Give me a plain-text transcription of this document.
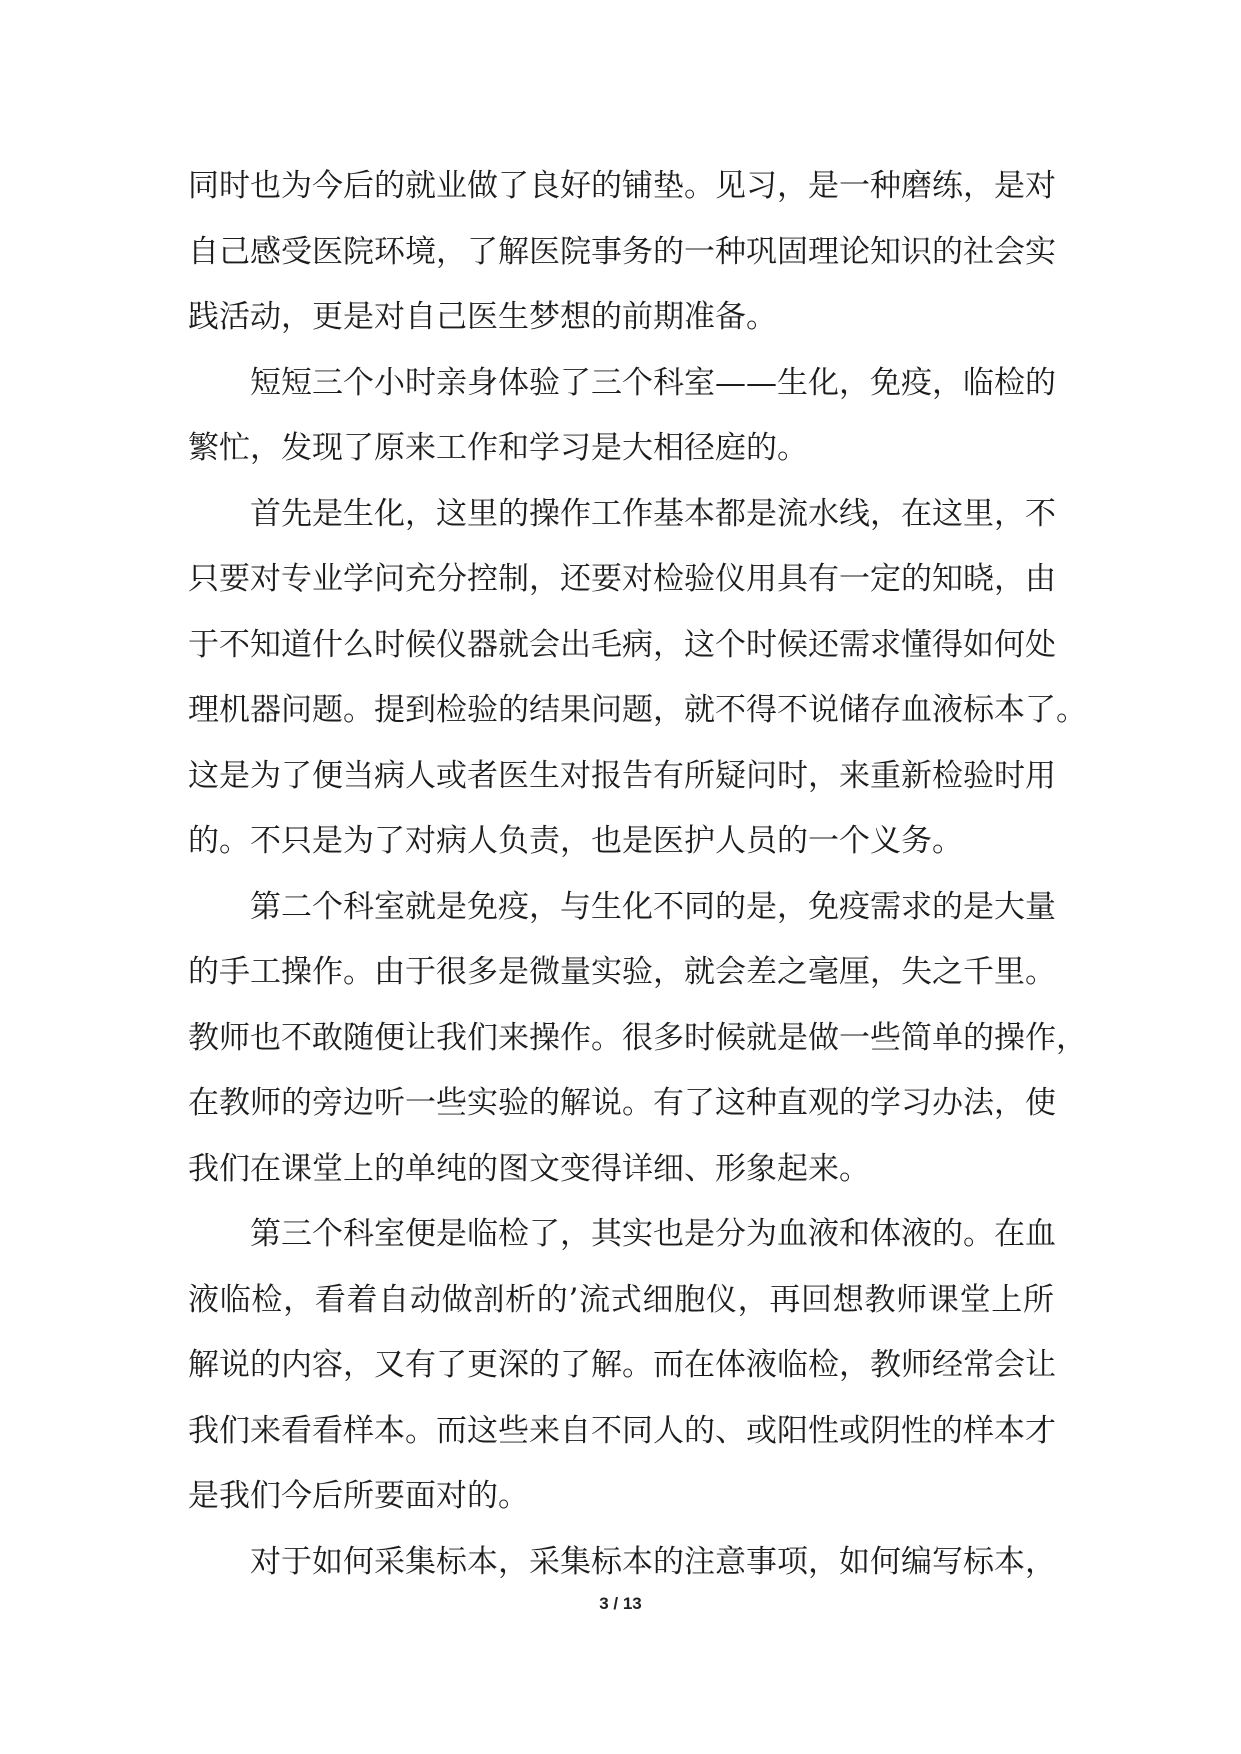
同时也为今后的就业做了良好的铺垫。见习，是一种磨练，是对
自己感受医院环境，了解医院事务的一种巩固理论知识的社会实
践活动，更是对自己医生梦想的前期准备。
短短三个小时亲身体验了三个科室——生化，免疫，临检的
繁忙，发现了原来工作和学习是大相径庭的。
首先是生化，这里的操作工作基本都是流水线，在这里，不
只要对专业学问充分控制，还要对检验仪用具有一定的知晓，由
于不知道什么时候仪器就会出毛病，这个时候还需求懂得如何处
理机器问题。提到检验的结果问题，就不得不说储存血液标本了。
这是为了便当病人或者医生对报告有所疑问时，来重新检验时用
的。不只是为了对病人负责，也是医护人员的一个义务。
第二个科室就是免疫，与生化不同的是，免疫需求的是大量
的手工操作。由于很多是微量实验，就会差之毫厘，失之千里。
教师也不敢随便让我们来操作。很多时候就是做一些简单的操作，
在教师的旁边听一些实验的解说。有了这种直观的学习办法，使
我们在课堂上的单纯的图文变得详细、形象起来。
第三个科室便是临检了，其实也是分为血液和体液的。在血
液临检，看着自动做剖析的’流式细胞仪，再回想教师课堂上所
解说的内容，又有了更深的了解。而在体液临检，教师经常会让
我们来看看样本。而这些来自不同人的、或阳性或阴性的样本才
是我们今后所要面对的。
对于如何采集标本，采集标本的注意事项，如何编写标本，
3 / 13
